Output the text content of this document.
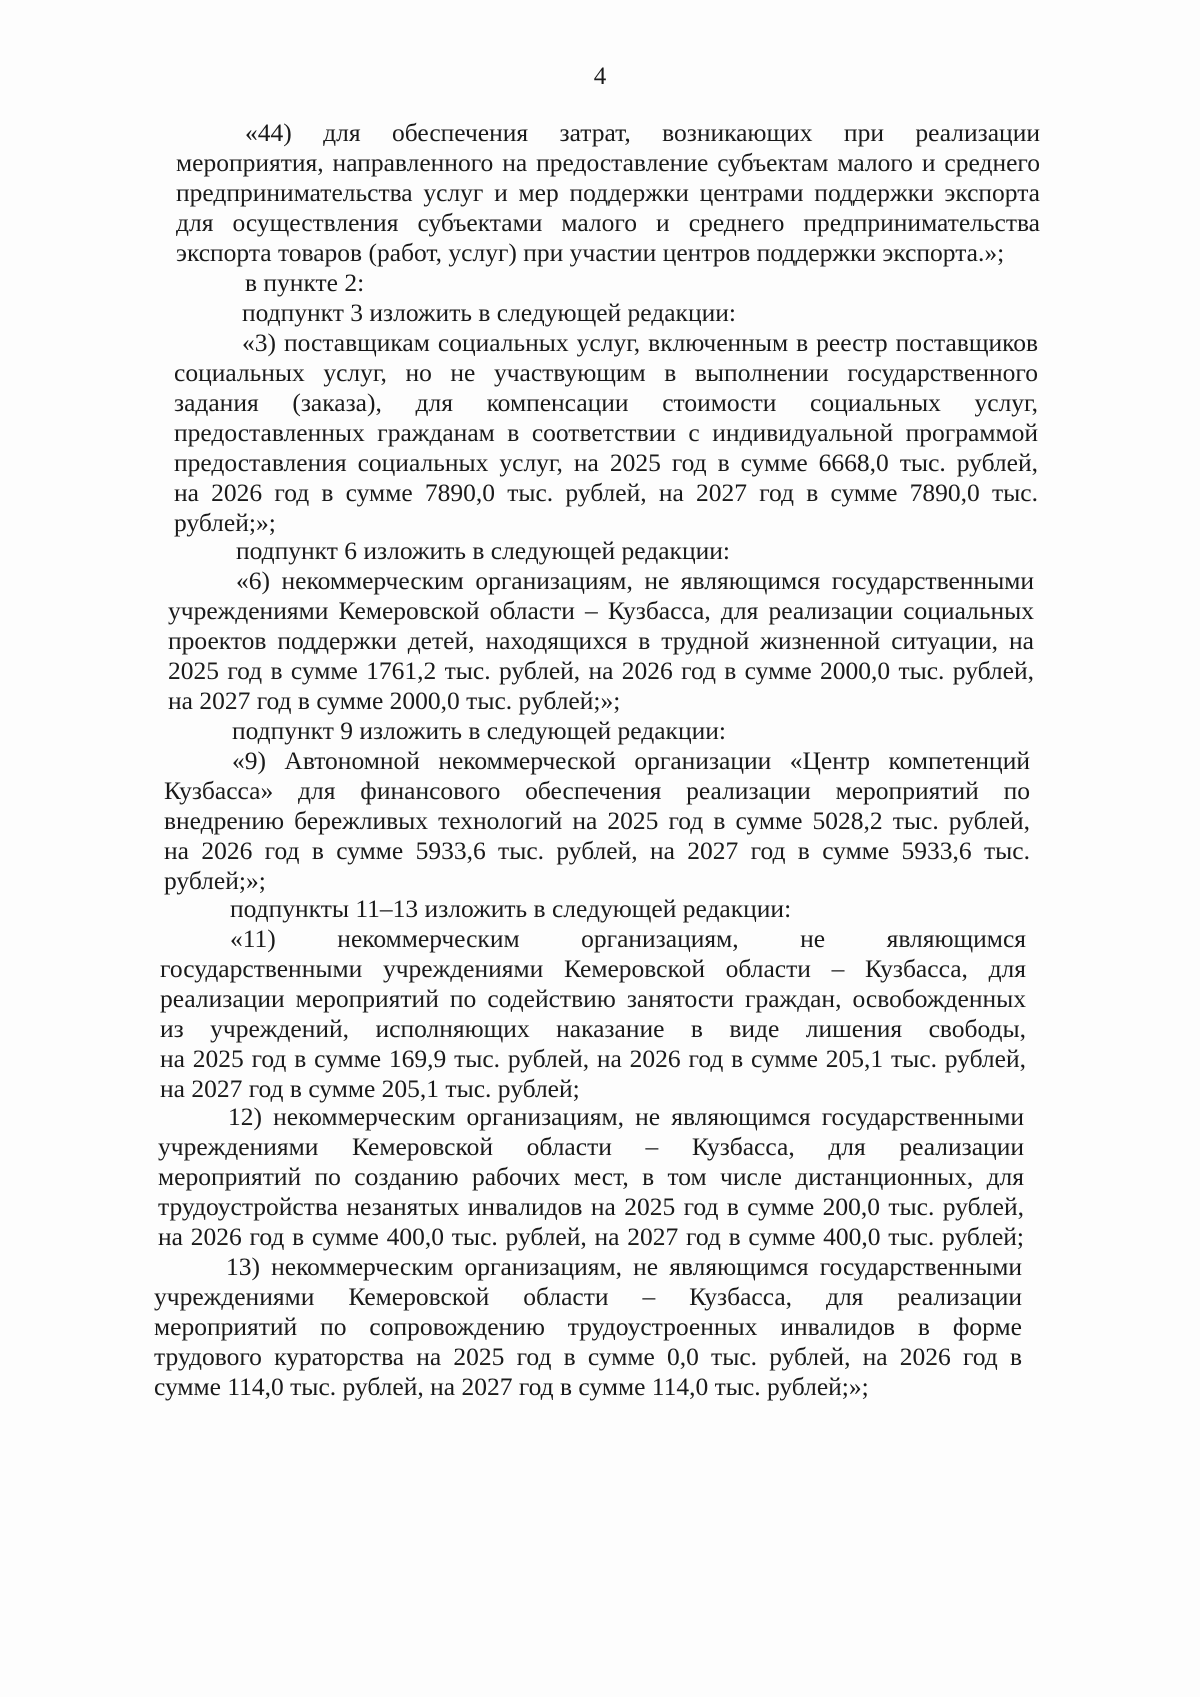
4
«44) для обеспечения затрат, возникающих при реализации
мероприятия, направленного на предоставление субъектам малого и среднего
предпринимательства услуг и мер поддержки центрами поддержки экспорта
для осуществления субъектами малого и среднего предпринимательства
экспорта товаров (работ, услуг) при участии центров поддержки экспорта.»;
в пункте 2:
подпункт 3 изложить в следующей редакции:
«3) поставщикам социальных услуг, включенным в реестр поставщиков
социальных услуг, но не участвующим в выполнении государственного
задания (заказа), для компенсации стоимости социальных услуг,
предоставленных гражданам в соответствии с индивидуальной программой
предоставления социальных услуг, на 2025 год в сумме 6668,0 тыс. рублей,
на 2026 год в сумме 7890,0 тыс. рублей, на 2027 год в сумме 7890,0 тыс.
рублей;»;
подпункт 6 изложить в следующей редакции:
«6) некоммерческим организациям, не являющимся государственными
учреждениями Кемеровской области – Кузбасса, для реализации социальных
проектов поддержки детей, находящихся в трудной жизненной ситуации, на
2025 год в сумме 1761,2 тыс. рублей, на 2026 год в сумме 2000,0 тыс. рублей,
на 2027 год в сумме 2000,0 тыс. рублей;»;
подпункт 9 изложить в следующей редакции:
«9) Автономной некоммерческой организации «Центр компетенций
Кузбасса» для финансового обеспечения реализации мероприятий по
внедрению бережливых технологий на 2025 год в сумме 5028,2 тыс. рублей,
на 2026 год в сумме 5933,6 тыс. рублей, на 2027 год в сумме 5933,6 тыс.
рублей;»;
подпункты 11–13 изложить в следующей редакции:
«11) некоммерческим организациям, не являющимся
государственными учреждениями Кемеровской области – Кузбасса, для
реализации мероприятий по содействию занятости граждан, освобожденных
из учреждений, исполняющих наказание в виде лишения свободы,
на 2025 год в сумме 169,9 тыс. рублей, на 2026 год в сумме 205,1 тыс. рублей,
на 2027 год в сумме 205,1 тыс. рублей;
12) некоммерческим организациям, не являющимся государственными
учреждениями Кемеровской области – Кузбасса, для реализации
мероприятий по созданию рабочих мест, в том числе дистанционных, для
трудоустройства незанятых инвалидов на 2025 год в сумме 200,0 тыс. рублей,
на 2026 год в сумме 400,0 тыс. рублей, на 2027 год в сумме 400,0 тыс. рублей;
13) некоммерческим организациям, не являющимся государственными
учреждениями Кемеровской области – Кузбасса, для реализации
мероприятий по сопровождению трудоустроенных инвалидов в форме
трудового кураторства на 2025 год в сумме 0,0 тыс. рублей, на 2026 год в
сумме 114,0 тыс. рублей, на 2027 год в сумме 114,0 тыс. рублей;»;
